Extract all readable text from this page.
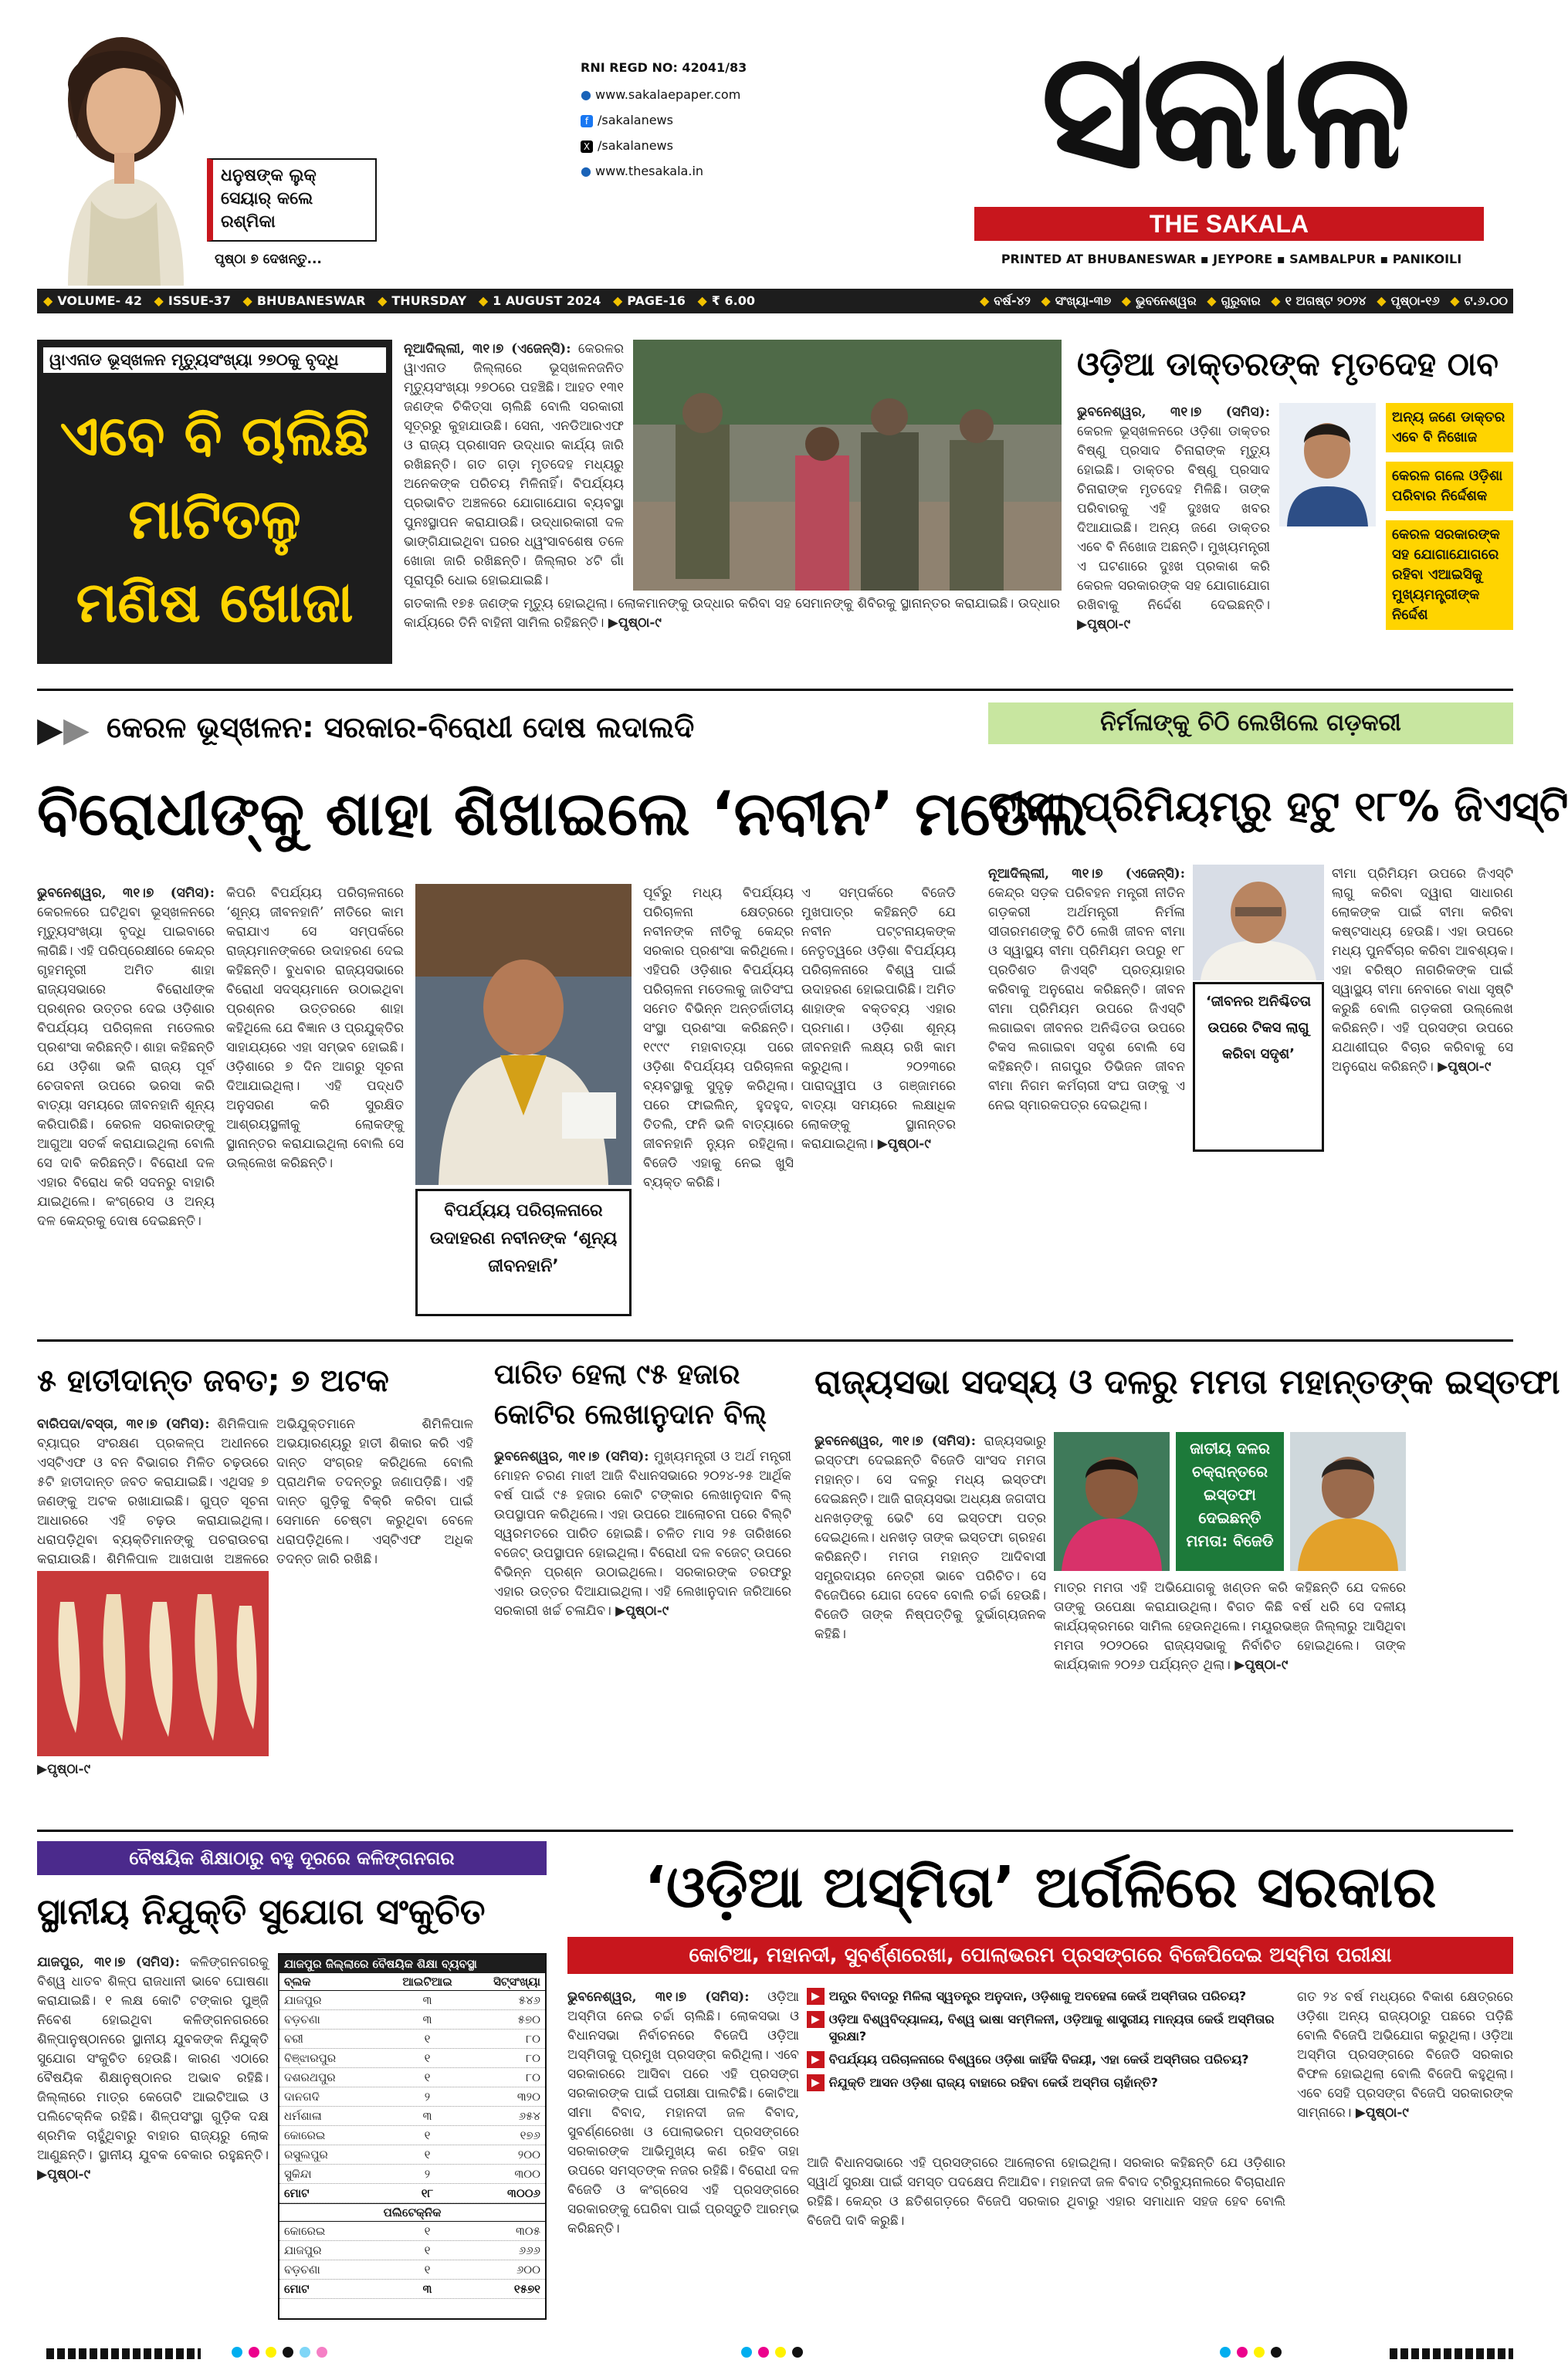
ଧନୁଷଙ୍କ ଲୁକ୍ ସେୟାର୍ କଲେ ରଶ୍ମିକା
ପୃଷ୍ଠା ୭ ଦେଖନ୍ତୁ...
RNI REGD NO: 42041/83
● www.sakalaepaper.com
f /sakalanews
X /sakalanews
● www.thesakala.in	ସକାଳ
THE SAKALA
PRINTED AT BHUBANESWAR ▪ JEYPORE ▪ SAMBALPUR ▪ PANIKOILI
◆ VOLUME- 42 ◆ ISSUE-37 ◆ BHUBANESWAR ◆ THURSDAY ◆ 1 AUGUST 2024 ◆ PAGE-16 ◆ ₹ 6.00	◆ ବର୍ଷ-୪୨ ◆ ସଂଖ୍ୟା-୩୭ ◆ ଭୁବନେଶ୍ୱର ◆ ଗୁରୁବାର ◆ ୧ ଅଗଷ୍ଟ ୨୦୨୪ ◆ ପୃଷ୍ଠା-୧୬ ◆ ଟ.୬.୦୦
ୱାଏନାଡ ଭୂସ୍ଖଳନ ମୃତ୍ୟୁସଂଖ୍ୟା ୨୭୦କୁ ବୃଦ୍ଧି
ଏବେ ବି ଚାଲିଛି
ମାଟିତଳୁ
ମଣିଷ ଖୋଜା
ନୂଆଦିଲ୍ଲୀ, ୩୧।୭ (ଏଜେନ୍ସି): କେରଳର ୱାଏନାଡ ଜିଲ୍ଲାରେ ଭୂସ୍ଖଳନଜନିତ ମୃତ୍ୟୁସଂଖ୍ୟା ୨୭୦ରେ ପହଞ୍ଚିଛି। ଆହତ ୧୩୧ ଜଣଙ୍କ ଚିକିତ୍ସା ଚାଲିଛି ବୋଲି ସରକାରୀ ସୂତ୍ରରୁ କୁହାଯାଉଛି। ସେନା, ଏନଡିଆରଏଫ ଓ ରାଜ୍ୟ ପ୍ରଶାସନ ଉଦ୍ଧାର କାର୍ଯ୍ୟ ଜାରି ରଖିଛନ୍ତି। ଗତ ଗଡ଼ା ମୃତଦେହ ମଧ୍ୟରୁ ଅନେକଙ୍କ ପରିଚୟ ମିଳିନାହିଁ। ବିପର୍ଯ୍ୟୟ ପ୍ରଭାବିତ ଅଞ୍ଚଳରେ ଯୋଗାଯୋଗ ବ୍ୟବସ୍ଥା ପୁନଃସ୍ଥାପନ କରାଯାଉଛି। ଉଦ୍ଧାରକାରୀ ଦଳ ଭାଙ୍ଗିଯାଇଥିବା ଘରର ଧ୍ୱଂସାବଶେଷ ତଳେ ଖୋଜା ଜାରି ରଖିଛନ୍ତି। ଜିଲ୍ଲାର ୪ଟି ଗାଁ ପୂରାପୂରି ଧୋଇ ହୋଇଯାଇଛି।
ଗତକାଲି ୧୭୫ ଜଣଙ୍କ ମୃତ୍ୟୁ ହୋଇଥିଲା। ଲୋକମାନଙ୍କୁ ଉଦ୍ଧାର କରିବା ସହ ସେମାନଙ୍କୁ ଶିବିରକୁ ସ୍ଥାନାନ୍ତର କରାଯାଇଛି। ଉଦ୍ଧାର କାର୍ଯ୍ୟରେ ତିନି ବାହିନୀ ସାମିଲ ରହିଛନ୍ତି। ▶ପୃଷ୍ଠା-୯
ଓଡ଼ିଆ ଡାକ୍ତରଙ୍କ ମୃତଦେହ ଠାବ
ଭୁବନେଶ୍ୱର, ୩୧।୭ (ସମିସ): କେରଳ ଭୂସ୍ଖଳନରେ ଓଡ଼ିଶା ଡାକ୍ତର ବିଷ୍ଣୁ ପ୍ରସାଦ ଚିନାରାଙ୍କ ମୃତ୍ୟୁ ହୋଇଛି। ଡାକ୍ତର ବିଷ୍ଣୁ ପ୍ରସାଦ ଚିନାରାଙ୍କ ମୃତଦେହ ମିଳିଛି। ତାଙ୍କ ପରିବାରକୁ ଏହି ଦୁଃଖଦ ଖବର ଦିଆଯାଇଛି। ଅନ୍ୟ ଜଣେ ଡାକ୍ତର ଏବେ ବି ନିଖୋଜ ଅଛନ୍ତି। ମୁଖ୍ୟମନ୍ତ୍ରୀ ଏ ଘଟଣାରେ ଦୁଃଖ ପ୍ରକାଶ କରି କେରଳ ସରକାରଙ୍କ ସହ ଯୋଗାଯୋଗ ରଖିବାକୁ ନିର୍ଦ୍ଦେଶ ଦେଇଛନ୍ତି। ▶ପୃଷ୍ଠା-୯
ଅନ୍ୟ ଜଣେ ଡାକ୍ତର ଏବେ ବି ନିଖୋଜ
କେରଳ ଗଲେ ଓଡ଼ିଶା ପରିବାର ନିର୍ଦ୍ଦେଶକ
କେରଳ ସରକାରଙ୍କ ସହ ଯୋଗାଯୋଗରେ ରହିବା ଏଆଇସିକୁ ମୁଖ୍ୟମନ୍ତ୍ରୀଙ୍କ ନିର୍ଦ୍ଦେଶ
▶ ▶ କେରଳ ଭୂସ୍ଖଳନ: ସରକାର-ବିରୋଧୀ ଦୋଷ ଲଦାଲଦି
ବିରୋଧୀଙ୍କୁ ଶାହା ଶିଖାଇଲେ ‘ନବୀନ’ ମଡେଲ
ଭୁବନେଶ୍ୱର, ୩୧।୭ (ସମିସ): କେରଳରେ ଘଟିଥିବା ଭୂସ୍ଖଳନରେ ମୃତ୍ୟୁସଂଖ୍ୟା ବୃଦ୍ଧି ପାଇବାରେ ଲାଗିଛି। ଏହି ପରିପ୍ରେକ୍ଷୀରେ କେନ୍ଦ୍ର ଗୃହମନ୍ତ୍ରୀ ଅମିତ ଶାହା ରାଜ୍ୟସଭାରେ ବିରୋଧୀଙ୍କ ପ୍ରଶ୍ନର ଉତ୍ତର ଦେଇ ଓଡ଼ିଶାର ବିପର୍ଯ୍ୟୟ ପରିଚାଳନା ମଡେଲର ପ୍ରଶଂସା କରିଛନ୍ତି। ଶାହା କହିଛନ୍ତି ଯେ ଓଡ଼ିଶା ଭଳି ରାଜ୍ୟ ପୂର୍ବ ଚେତାବନୀ ଉପରେ ଭରସା କରି ବାତ୍ୟା ସମୟରେ ଜୀବନହାନି ଶୂନ୍ୟ କରିପାରିଛି। କେରଳ ସରକାରଙ୍କୁ ଆଗୁଆ ସତର୍କ କରାଯାଇଥିଲା ବୋଲି ସେ ଦାବି କରିଛନ୍ତି। ବିରୋଧୀ ଦଳ ଏହାର ବିରୋଧ କରି ସଦନରୁ ବାହାରି ଯାଇଥିଲେ। କଂଗ୍ରେସ ଓ ଅନ୍ୟ ଦଳ କେନ୍ଦ୍ରକୁ ଦୋଷ ଦେଇଛନ୍ତି।
କିପରି ବିପର୍ଯ୍ୟୟ ପରିଚାଳନାରେ ‘ଶୂନ୍ୟ ଜୀବନହାନି’ ନୀତିରେ କାମ କରାଯାଏ ସେ ସମ୍ପର୍କରେ ରାଜ୍ୟମାନଙ୍କରେ ଉଦାହରଣ ଦେଇ କହିଛନ୍ତି। ବୁଧବାର ରାଜ୍ୟସଭାରେ ବିରୋଧୀ ସଦସ୍ୟମାନେ ଉଠାଇଥିବା ପ୍ରଶ୍ନର ଉତ୍ତରରେ ଶାହା କହିଥିଲେ ଯେ ବିଜ୍ଞାନ ଓ ପ୍ରଯୁକ୍ତିର ସାହାଯ୍ୟରେ ଏହା ସମ୍ଭବ ହୋଇଛି। ଓଡ଼ିଶାରେ ୭ ଦିନ ଆଗରୁ ସୂଚନା ଦିଆଯାଇଥିଲା। ଏହି ପଦ୍ଧତି ଅନୁସରଣ କରି ସୁରକ୍ଷିତ ଆଶ୍ରୟସ୍ଥଳୀକୁ ଲୋକଙ୍କୁ ସ୍ଥାନାନ୍ତର କରାଯାଇଥିଲା ବୋଲି ସେ ଉଲ୍ଲେଖ କରିଛନ୍ତି।
ବିପର୍ଯ୍ୟୟ ପରିଚାଳନାରେ ଉଦାହରଣ ନବୀନଙ୍କ ‘ଶୂନ୍ୟ ଜୀବନହାନି’
ପୂର୍ବରୁ ମଧ୍ୟ ବିପର୍ଯ୍ୟୟ ପରିଚାଳନା କ୍ଷେତ୍ରରେ ନବୀନଙ୍କ ନୀତିକୁ କେନ୍ଦ୍ର ସରକାର ପ୍ରଶଂସା କରିଥିଲେ। ଏହିପରି ଓଡ଼ିଶାର ବିପର୍ଯ୍ୟୟ ପରିଚାଳନା ମଡେଲକୁ ଜାତିସଂଘ ସମେତ ବିଭିନ୍ନ ଅନ୍ତର୍ଜାତୀୟ ସଂସ୍ଥା ପ୍ରଶଂସା କରିଛନ୍ତି। ୧୯୯୯ ମହାବାତ୍ୟା ପରେ ଓଡ଼ିଶା ବିପର୍ଯ୍ୟୟ ପରିଚାଳନା ବ୍ୟବସ୍ଥାକୁ ସୁଦୃଢ଼ କରିଥିଲା। ପରେ ଫାଇଲିନ୍, ହୁଦହୁଦ, ତିତଲି, ଫନି ଭଳି ବାତ୍ୟାରେ ଜୀବନହାନି ନ୍ୟୁନ ରହିଥିଲା। ବିଜେଡି ଏହାକୁ ନେଇ ଖୁସି ବ୍ୟକ୍ତ କରିଛି।
ଏ ସମ୍ପର୍କରେ ବିଜେଡି ମୁଖପାତ୍ର କହିଛନ୍ତି ଯେ ନବୀନ ପଟ୍ଟନାୟକଙ୍କ ନେତୃତ୍ୱରେ ଓଡ଼ିଶା ବିପର୍ଯ୍ୟୟ ପରିଚାଳନାରେ ବିଶ୍ୱ ପାଇଁ ଉଦାହରଣ ହୋଇପାରିଛି। ଅମିତ ଶାହାଙ୍କ ବକ୍ତବ୍ୟ ଏହାର ପ୍ରମାଣ। ଓଡ଼ିଶା ଶୂନ୍ୟ ଜୀବନହାନି ଲକ୍ଷ୍ୟ ରଖି କାମ କରୁଥିଲା। ୨୦୨୩ରେ ପାରାଦ୍ୱୀପ ଓ ଗଞ୍ଜାମରେ ବାତ୍ୟା ସମୟରେ ଲକ୍ଷାଧିକ ଲୋକଙ୍କୁ ସ୍ଥାନାନ୍ତର କରାଯାଇଥିଲା। ▶ପୃଷ୍ଠା-୯
ନିର୍ମଳାଙ୍କୁ ଚିଠି ଲେଖିଲେ ଗଡ଼କରୀ
ବୀମା ପ୍ରିମିୟମ୍‌ରୁ ହଟୁ ୧୮% ଜିଏସ୍‌ଟି
ନୂଆଦିଲ୍ଲୀ, ୩୧।୭ (ଏଜେନ୍ସି): କେନ୍ଦ୍ର ସଡ଼କ ପରିବହନ ମନ୍ତ୍ରୀ ନୀତିନ ଗଡ଼କରୀ ଅର୍ଥମନ୍ତ୍ରୀ ନିର୍ମଳା ସୀତାରମଣଙ୍କୁ ଚିଠି ଲେଖି ଜୀବନ ବୀମା ଓ ସ୍ୱାସ୍ଥ୍ୟ ବୀମା ପ୍ରିମିୟମ ଉପରୁ ୧୮ ପ୍ରତିଶତ ଜିଏସ୍‌ଟି ପ୍ରତ୍ୟାହାର କରିବାକୁ ଅନୁରୋଧ କରିଛନ୍ତି। ଜୀବନ ବୀମା ପ୍ରିମିୟମ ଉପରେ ଜିଏସ୍‌ଟି ଲଗାଇବା ଜୀବନର ଅନିଶ୍ଚିତତା ଉପରେ ଟିକସ ଲଗାଇବା ସଦୃଶ ବୋଲି ସେ କହିଛନ୍ତି। ନାଗପୁର ଡିଭିଜନ ଜୀବନ ବୀମା ନିଗମ କର୍ମଚାରୀ ସଂଘ ତାଙ୍କୁ ଏ ନେଇ ସ୍ମାରକପତ୍ର ଦେଇଥିଲା।
‘ଜୀବନର ଅନିଶ୍ଚିତତା ଉପରେ ଟିକସ ଲାଗୁ କରିବା ସଦୃଶ’
ବୀମା ପ୍ରିମିୟମ ଉପରେ ଜିଏସ୍‌ଟି ଲାଗୁ କରିବା ଦ୍ୱାରା ସାଧାରଣ ଲୋକଙ୍କ ପାଇଁ ବୀମା କରିବା କଷ୍ଟସାଧ୍ୟ ହେଉଛି। ଏହା ଉପରେ ମଧ୍ୟ ପୁନର୍ବିଚାର କରିବା ଆବଶ୍ୟକ। ଏହା ବରିଷ୍ଠ ନାଗରିକଙ୍କ ପାଇଁ ସ୍ୱାସ୍ଥ୍ୟ ବୀମା ନେବାରେ ବାଧା ସୃଷ୍ଟି କରୁଛି ବୋଲି ଗଡ଼କରୀ ଉଲ୍ଲେଖ କରିଛନ୍ତି। ଏହି ପ୍ରସଙ୍ଗ ଉପରେ ଯଥାଶୀଘ୍ର ବିଚାର କରିବାକୁ ସେ ଅନୁରୋଧ କରିଛନ୍ତି। ▶ପୃଷ୍ଠା-୯
୫ ହାତୀଦାନ୍ତ ଜବତ; ୭ ଅଟକ
ବାରିପଦା/ବସ୍ତା, ୩୧।୭ (ସମିସ): ଶିମିଳିପାଳ ବ୍ୟାଘ୍ର ସଂରକ୍ଷଣ ପ୍ରକଳ୍ପ ଅଧୀନରେ ଏସ୍‌ଟିଏଫ ଓ ବନ ବିଭାଗର ମିଳିତ ଚଢ଼ଉରେ ୫ଟି ହାତୀଦାନ୍ତ ଜବତ କରାଯାଇଛି। ଏଥିସହ ୭ ଜଣଙ୍କୁ ଅଟକ ରଖାଯାଇଛି। ଗୁପ୍ତ ସୂଚନା ଆଧାରରେ ଏହି ଚଢ଼ଉ କରାଯାଇଥିଲା। ଧରାପଡ଼ିଥିବା ବ୍ୟକ୍ତିମାନଙ୍କୁ ପଚରାଉଚରା କରାଯାଉଛି। ଶିମିଳିପାଳ ଆଖପାଖ ଅଞ୍ଚଳରେ
ଅଭିଯୁକ୍ତମାନେ ଶିମିଳିପାଳ ଅଭୟାରଣ୍ୟରୁ ହାତୀ ଶିକାର କରି ଏହି ଦାନ୍ତ ସଂଗ୍ରହ କରିଥିଲେ ବୋଲି ପ୍ରାଥମିକ ତଦନ୍ତରୁ ଜଣାପଡ଼ିଛି। ଏହି ଦାନ୍ତ ଗୁଡ଼ିକୁ ବିକ୍ରି କରିବା ପାଇଁ ସେମାନେ ଚେଷ୍ଟା କରୁଥିବା ବେଳେ ଧରାପଡ଼ିଥିଲେ। ଏସ୍‌ଟିଏଫ ଅଧିକ ତଦନ୍ତ ଜାରି ରଖିଛି।
▶ପୃଷ୍ଠା-୯
ପାରିତ ହେଲା ୯୫ ହଜାର
କୋଟିର ଲେଖାନୁଦାନ ବିଲ୍
ଭୁବନେଶ୍ୱର, ୩୧।୭ (ସମିସ): ମୁଖ୍ୟମନ୍ତ୍ରୀ ଓ ଅର୍ଥ ମନ୍ତ୍ରୀ ମୋହନ ଚରଣ ମାଝୀ ଆଜି ବିଧାନସଭାରେ ୨୦୨୪-୨୫ ଆର୍ଥିକ ବର୍ଷ ପାଇଁ ୯୫ ହଜାର କୋଟି ଟଙ୍କାର ଲେଖାନୁଦାନ ବିଲ୍ ଉପସ୍ଥାପନ କରିଥିଲେ। ଏହା ଉପରେ ଆଲୋଚନା ପରେ ବିଲ୍‌ଟି ସ୍ୱରମତରେ ପାରିତ ହୋଇଛି। ଚଳିତ ମାସ ୨୫ ତାରିଖରେ ବଜେଟ୍ ଉପସ୍ଥାପନ ହୋଇଥିଲା। ବିରୋଧୀ ଦଳ ବଜେଟ୍ ଉପରେ ବିଭିନ୍ନ ପ୍ରଶ୍ନ ଉଠାଇଥିଲେ। ସରକାରଙ୍କ ତରଫରୁ ଏହାର ଉତ୍ତର ଦିଆଯାଇଥିଲା। ଏହି ଲେଖାନୁଦାନ ଜରିଆରେ ସରକାରୀ ଖର୍ଚ୍ଚ ଚଳାଯିବ। ▶ପୃଷ୍ଠା-୯
ରାଜ୍ୟସଭା ସଦସ୍ୟ ଓ ଦଳରୁ ମମତା ମହାନ୍ତଙ୍କ ଇସ୍ତଫା
ଭୁବନେଶ୍ୱର, ୩୧।୭ (ସମିସ): ରାଜ୍ୟସଭାରୁ ଇସ୍ତଫା ଦେଇଛନ୍ତି ବିଜେଡି ସାଂସଦ ମମତା ମହାନ୍ତ। ସେ ଦଳରୁ ମଧ୍ୟ ଇସ୍ତଫା ଦେଇଛନ୍ତି। ଆଜି ରାଜ୍ୟସଭା ଅଧ୍ୟକ୍ଷ ଜଗଦୀପ ଧନଖଡ଼ଙ୍କୁ ଭେଟି ସେ ଇସ୍ତଫା ପତ୍ର ଦେଇଥିଲେ। ଧନଖଡ଼ ତାଙ୍କ ଇସ୍ତଫା ଗ୍ରହଣ କରିଛନ୍ତି। ମମତା ମହାନ୍ତ ଆଦିବାସୀ ସମ୍ପ୍ରଦାୟର ନେତ୍ରୀ ଭାବେ ପରିଚିତ। ସେ ବିଜେପିରେ ଯୋଗ ଦେବେ ବୋଲି ଚର୍ଚ୍ଚା ହେଉଛି। ବିଜେଡି ତାଙ୍କ ନିଷ୍ପତ୍ତିକୁ ଦୁର୍ଭାଗ୍ୟଜନକ କହିଛି।
ଜାତୀୟ ଦଳର ଚକ୍ରାନ୍ତରେ ଇସ୍ତଫା ଦେଇଛନ୍ତି ମମତା: ବିଜେଡି
ମାତ୍ର ମମତା ଏହି ଅଭିଯୋଗକୁ ଖଣ୍ଡନ କରି କହିଛନ୍ତି ଯେ ଦଳରେ ତାଙ୍କୁ ଉପେକ୍ଷା କରାଯାଉଥିଲା। ବିଗତ କିଛି ବର୍ଷ ଧରି ସେ ଦଳୀୟ କାର୍ଯ୍ୟକ୍ରମରେ ସାମିଲ ହେଉନଥିଲେ। ମୟୂରଭଞ୍ଜ ଜିଲ୍ଲାରୁ ଆସିଥିବା ମମତା ୨୦୨୦ରେ ରାଜ୍ୟସଭାକୁ ନିର୍ବାଚିତ ହୋଇଥିଲେ। ତାଙ୍କ କାର୍ଯ୍ୟକାଳ ୨୦୨୬ ପର୍ଯ୍ୟନ୍ତ ଥିଲା। ▶ପୃଷ୍ଠା-୯
ବୈଷୟିକ ଶିକ୍ଷାଠାରୁ ବହୁ ଦୂରରେ କଳିଙ୍ଗନଗର
ସ୍ଥାନୀୟ ନିଯୁକ୍ତି ସୁଯୋଗ ସଂକୁଚିତ
ଯାଜପୁର, ୩୧।୭ (ସମିସ): କଳିଙ୍ଗନଗରକୁ ବିଶ୍ୱ ଧାତବ ଶିଳ୍ପ ରାଜଧାନୀ ଭାବେ ଘୋଷଣା କରାଯାଇଛି। ୧ ଲକ୍ଷ କୋଟି ଟଙ୍କାର ପୁଞ୍ଜି ନିବେଶ ହୋଇଥିବା କଳିଙ୍ଗନଗରରେ ଶିଳ୍ପାନୁଷ୍ଠାନରେ ସ୍ଥାନୀୟ ଯୁବକଙ୍କ ନିଯୁକ୍ତି ସୁଯୋଗ ସଂକୁଚିତ ହେଉଛି। କାରଣ ଏଠାରେ ବୈଷୟିକ ଶିକ୍ଷାନୁଷ୍ଠାନର ଅଭାବ ରହିଛି। ଜିଲ୍ଲାରେ ମାତ୍ର କେତୋଟି ଆଇଟିଆଇ ଓ ପଲିଟେକ୍ନିକ ରହିଛି। ଶିଳ୍ପସଂସ୍ଥା ଗୁଡ଼ିକ ଦକ୍ଷ ଶ୍ରମିକ ଚାହୁଁଥିବାରୁ ବାହାର ରାଜ୍ୟରୁ ଲୋକ ଆଣୁଛନ୍ତି। ସ୍ଥାନୀୟ ଯୁବକ ବେକାର ରହୁଛନ୍ତି। ▶ପୃଷ୍ଠା-୯
ଯାଜପୁର ଜିଲ୍ଲାରେ ବୈଷୟିକ ଶିକ୍ଷା ବ୍ୟବସ୍ଥା
ବ୍ଲକ	ଆଇଟିଆଇ	ସିଟ୍‌ସଂଖ୍ୟା
ଯାଜପୁର	୩	୫୪୬
ବଡ଼ଚଣା	୩	୫୭୦
ବରୀ	୧	୮୦
ବିଞ୍ଝାରପୁର	୧	୮୦
ଦଶରଥପୁର	୧	୮୦
ଦାନଗଦି	୨	୩୨୦
ଧର୍ମଶାଳା	୩	୬୫୪
କୋରେଇ	୧	୧୭୬
ରସୁଲପୁର	୧	୨୦୦
ସୁକିନ୍ଦା	୨	୩୦୦
ମୋଟ	୧୮	୩୦୦୬
ପଲିଟେକ୍ନିକ
କୋରେଇ	୧	୩୦୫
ଯାଜପୁର	୧	୬୬୬
ବଡ଼ଚଣା	୧	୬୦୦
ମୋଟ	୩	୧୫୭୧
‘ଓଡ଼ିଆ ଅସ୍ମିତା’ ଅର୍ଗଳିରେ ସରକାର
କୋଟିଆ, ମହାନଦୀ, ସୁବର୍ଣ୍ଣରେଖା, ପୋଲାଭରମ ପ୍ରସଙ୍ଗରେ ବିଜେପିଦେଇ ଅସ୍ମିତା ପରୀକ୍ଷା
ଭୁବନେଶ୍ୱର, ୩୧।୭ (ସମିସ): ଓଡ଼ିଆ ଅସ୍ମିତା ନେଇ ଚର୍ଚ୍ଚା ଚାଲିଛି। ଲୋକସଭା ଓ ବିଧାନସଭା ନିର୍ବାଚନରେ ବିଜେପି ଓଡ଼ିଆ ଅସ୍ମିତାକୁ ପ୍ରମୁଖ ପ୍ରସଙ୍ଗ କରିଥିଲା। ଏବେ ସରକାରରେ ଆସିବା ପରେ ଏହି ପ୍ରସଙ୍ଗ ସରକାରଙ୍କ ପାଇଁ ପରୀକ୍ଷା ପାଲଟିଛି। କୋଟିଆ ସୀମା ବିବାଦ, ମହାନଦୀ ଜଳ ବିବାଦ, ସୁବର୍ଣ୍ଣରେଖା ଓ ପୋଲାଭରମ ପ୍ରସଙ୍ଗରେ ସରକାରଙ୍କ ଆଭିମୁଖ୍ୟ କଣ ରହିବ ତାହା ଉପରେ ସମସ୍ତଙ୍କ ନଜର ରହିଛି। ବିରୋଧୀ ଦଳ ବିଜେଡି ଓ କଂଗ୍ରେସ ଏହି ପ୍ରସଙ୍ଗରେ ସରକାରଙ୍କୁ ଘେରିବା ପାଇଁ ପ୍ରସ୍ତୁତି ଆରମ୍ଭ କରିଛନ୍ତି।
▶ ଅନ୍ଧ୍ର ବିବାଦରୁ ମିଳିଲା ସ୍ୱତନ୍ତ୍ର ଅନୁଦାନ, ଓଡ଼ିଶାକୁ ଅବହେଳା କେଉଁ ଅସ୍ମିତାର ପରିଚୟ?
▶ ଓଡ଼ିଆ ବିଶ୍ୱବିଦ୍ୟାଳୟ, ବିଶ୍ୱ ଭାଷା ସମ୍ମିଳନୀ, ଓଡ଼ିଆକୁ ଶାସ୍ତ୍ରୀୟ ମାନ୍ୟତା କେଉଁ ଅସ୍ମିତାର ସୁରକ୍ଷା?
▶ ବିପର୍ଯ୍ୟୟ ପରିଚାଳନାରେ ବିଶ୍ୱରେ ଓଡ଼ିଶା କାହିଁକି ବିଜୟୀ, ଏହା କେଉଁ ଅସ୍ମିତାର ପରିଚୟ?
▶ ନିଯୁକ୍ତି ଆସନ ଓଡ଼ିଶା ରାଜ୍ୟ ବାହାରେ ରହିବା କେଉଁ ଅସ୍ମିତା ଚାହାଁନ୍ତି?
ଆଜି ବିଧାନସଭାରେ ଏହି ପ୍ରସଙ୍ଗରେ ଆଲୋଚନା ହୋଇଥିଲା। ସରକାର କହିଛନ୍ତି ଯେ ଓଡ଼ିଶାର ସ୍ୱାର୍ଥ ସୁରକ୍ଷା ପାଇଁ ସମସ୍ତ ପଦକ୍ଷେପ ନିଆଯିବ। ମହାନଦୀ ଜଳ ବିବାଦ ଟ୍ରିବ୍ୟୁନାଲରେ ବିଚାରାଧୀନ ରହିଛି। କେନ୍ଦ୍ର ଓ ଛତିଶଗଡ଼ରେ ବିଜେପି ସରକାର ଥିବାରୁ ଏହାର ସମାଧାନ ସହଜ ହେବ ବୋଲି ବିଜେପି ଦାବି କରୁଛି।
ଗତ ୨୪ ବର୍ଷ ମଧ୍ୟରେ ବିକାଶ କ୍ଷେତ୍ରରେ ଓଡ଼ିଶା ଅନ୍ୟ ରାଜ୍ୟଠାରୁ ପଛରେ ପଡ଼ିଛି ବୋଲି ବିଜେପି ଅଭିଯୋଗ କରୁଥିଲା। ଓଡ଼ିଆ ଅସ୍ମିତା ପ୍ରସଙ୍ଗରେ ବିଜେଡି ସରକାର ବିଫଳ ହୋଇଥିଲା ବୋଲି ବିଜେପି କହୁଥିଲା। ଏବେ ସେହି ପ୍ରସଙ୍ଗ ବିଜେପି ସରକାରଙ୍କ ସାମ୍ନାରେ। ▶ପୃଷ୍ଠା-୯
